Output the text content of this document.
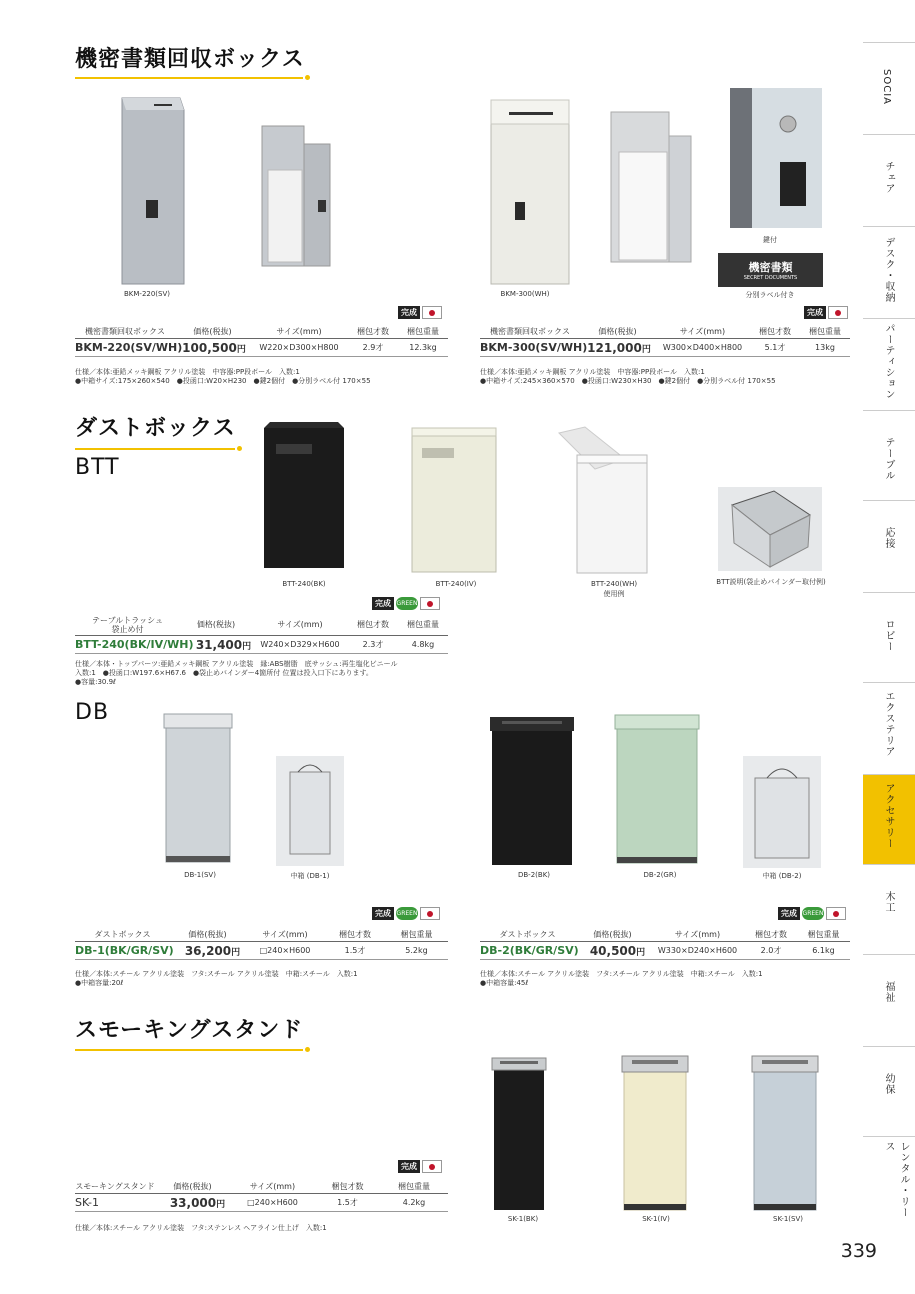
機密書類回収ボックス
BKM-220(SV)	BKM-300(WH)
鍵付
機密書類
SECRET DOCUMENTS
分別ラベル付き
完成	完成
機密書類回収ボックス	価格(税抜)	サイズ(mm)	梱包才数	梱包重量
BKM-220(SV/WH) 100,500円	W220×D300×H800	2.9才	12.3kg
仕様／本体:亜鉛メッキ鋼板 アクリル塗装　中容器:PP段ボール　入数:1
●中箱サイズ:175×260×540　●投函口:W20×H230　●鍵2個付　●分別ラベル付 170×55
機密書類回収ボックス	価格(税抜)	サイズ(mm)	梱包才数	梱包重量
BKM-300(SV/WH) 121,000円	W300×D400×H800	5.1才	13kg
仕様／本体:亜鉛メッキ鋼板 アクリル塗装　中容器:PP段ボール　入数:1
●中箱サイズ:245×360×570　●投函口:W230×H30　●鍵2個付　●分別ラベル付 170×55
ダストボックス
BTT
BTT-240(BK)	BTT-240(IV)	BTT-240(WH)
使用例
BTT説明(袋止めバインダー取付例)
完成 GREEN
テーブルトラッシュ
袋止め付	価格(税抜)	サイズ(mm)	梱包才数	梱包重量
BTT-240(BK/IV/WH) 31,400円	W240×D329×H600	2.3才	4.8kg
仕様／本体・トップパーツ:亜鉛メッキ鋼板 アクリル塗装　縁:ABS樹脂　底サッシュ:再生塩化ビニール
入数:1　●投函口:W197.6×H67.6　●袋止めバインダー4箇所付 位置は投入口下にあります。
●容量:30.9ℓ
DB
DB-1(SV)	中箱 (DB-1)	DB-2(BK)	DB-2(GR)	中箱 (DB-2)
完成 GREEN	完成 GREEN
ダストボックス	価格(税抜)	サイズ(mm)	梱包才数	梱包重量
DB-1(BK/GR/SV) 36,200円	□240×H600	1.5才	5.2kg
仕様／本体:スチール アクリル塗装　フタ:スチール アクリル塗装　中箱:スチール　入数:1
●中箱容量:20ℓ
ダストボックス	価格(税抜)	サイズ(mm)	梱包才数	梱包重量
DB-2(BK/GR/SV) 40,500円	W330×D240×H600	2.0才	6.1kg
仕様／本体:スチール アクリル塗装　フタ:スチール アクリル塗装　中箱:スチール　入数:1
●中箱容量:45ℓ
スモーキングスタンド
完成
スモーキングスタンド	価格(税抜)	サイズ(mm)	梱包才数	梱包重量
SK-1	33,000円	□240×H600	1.5才	4.2kg
仕様／本体:スチール アクリル塗装　フタ:ステンレス ヘアライン仕上げ　入数:1
SK-1(BK)	SK-1(IV)	SK-1(SV)
SOCIA
チェア
デスク・収納
パーティション
テーブル
応接
ロビー
エクステリア
アクセサリー
木工
福祉
幼保
レンタル・リース
339
